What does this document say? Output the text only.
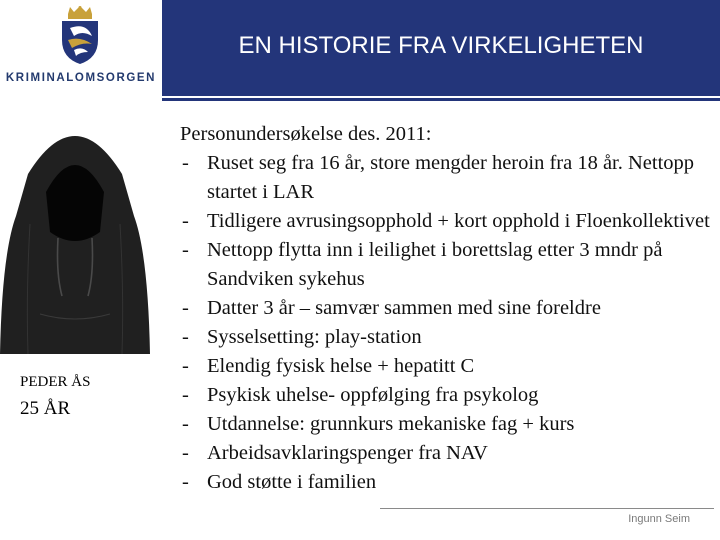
KRIMINALOMSORGEN
EN HISTORIE FRA VIRKELIGHETEN
PEDER ÅS
25 ÅR
Personundersøkelse des. 2011:
- Ruset seg fra 16 år, store mengder heroin fra 18 år. Nettopp startet i LAR
- Tidligere avrusingsopphold + kort opphold i Floenkollektivet
- Nettopp flytta inn i leilighet i borettslag etter 3 mndr på Sandviken sykehus
- Datter 3 år – samvær sammen med sine foreldre
- Sysselsetting: play-station
- Elendig fysisk helse + hepatitt C
- Psykisk uhelse- oppfølging fra psykolog
- Utdannelse: grunnkurs mekaniske fag + kurs
- Arbeidsavklaringspenger fra NAV
- God støtte i familien
Ingunn Seim
